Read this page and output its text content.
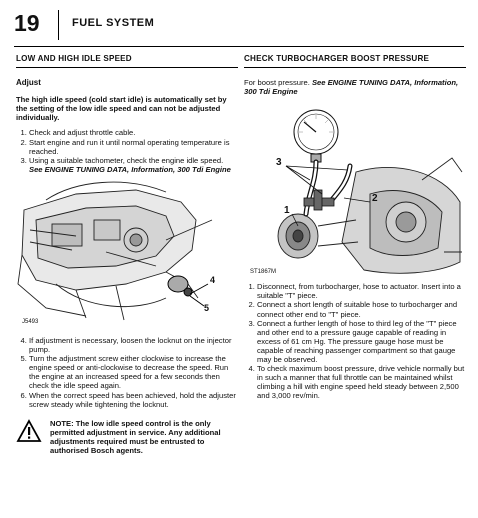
19	FUEL SYSTEM
LOW AND HIGH IDLE SPEED
Adjust
The high idle speed (cold start idle) is automatically set by the setting of the low idle speed and can not be adjusted individually.
1. Check and adjust throttle cable.
2. Start engine and run it until normal operating temperature is reached.
3. Using a suitable tachometer, check the engine idle speed. See ENGINE TUNING DATA, Information, 300 Tdi Engine
4
5
J5493
4. If adjustment is necessary, loosen the locknut on the injector pump.
5. Turn the adjustment screw either clockwise to increase the engine speed or anti-clockwise to decrease the speed. Run the engine at an increased speed for a few seconds then check the idle speed again.
6. When the correct speed has been achieved, hold the adjuster screw steady while tightening the locknut.
NOTE: The low idle speed control is the only permitted adjustment in service. Any additional adjustments required must be entrusted to authorised Bosch agents.
CHECK TURBOCHARGER BOOST PRESSURE
For boost pressure. See ENGINE TUNING DATA, Information, 300 Tdi Engine
3
2
1
ST1867M
1. Disconnect, from turbocharger, hose to actuator. Insert into a suitable "T" piece.
2. Connect a short length of suitable hose to turbocharger and connect other end to "T" piece.
3. Connect a further length of hose to third leg of the "T" piece and other end to a pressure gauge capable of reading in excess of 61 cm Hg. The pressure gauge hose must be capable of reaching passenger compartment so that gauge may be observed.
4. To check maximum boost pressure, drive vehicle normally but in such a manner that full throttle can be maintained whilst climbing a hill with engine speed held steady between 2,500 and 3,000 rev/min.
